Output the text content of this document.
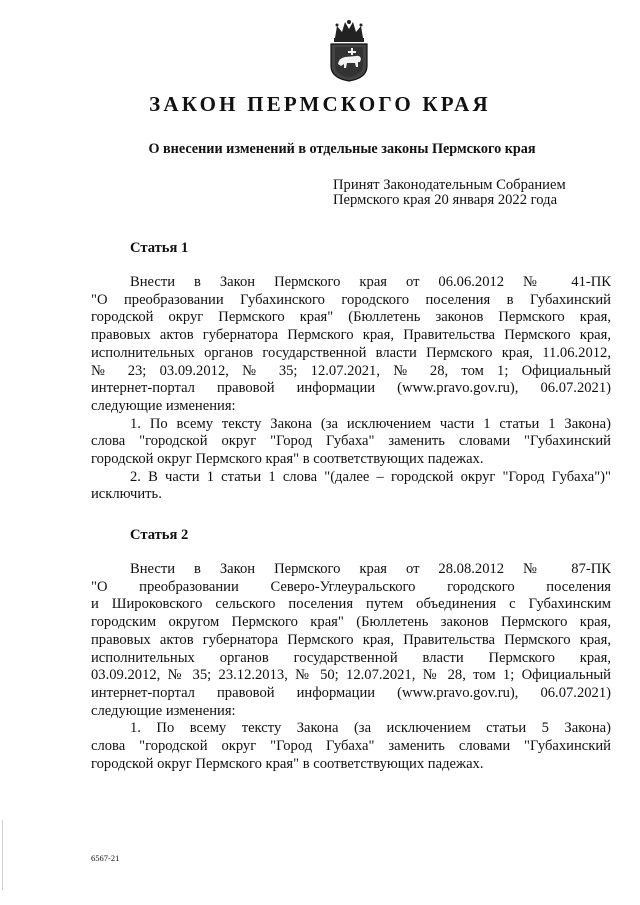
ЗАКОН ПЕРМСКОГО КРАЯ
О внесении изменений в отдельные законы Пермского края
Принят Законодательным Собранием
Пермского края 20 января 2022 года
Статья 1
Внести в Закон Пермского края от 06.06.2012 № 41-ПК
"О преобразовании Губахинского городского поселения в Губахинский
городской округ Пермского края" (Бюллетень законов Пермского края,
правовых актов губернатора Пермского края, Правительства Пермского края,
исполнительных органов государственной власти Пермского края, 11.06.2012,
№ 23; 03.09.2012, № 35; 12.07.2021, № 28, том 1; Официальный
интернет-портал правовой информации (www.pravo.gov.ru), 06.07.2021)
следующие изменения:
1. По всему тексту Закона (за исключением части 1 статьи 1 Закона)
слова "городской округ "Город Губаха" заменить словами "Губахинский
городской округ Пермского края" в соответствующих падежах.
2. В части 1 статьи 1 слова "(далее – городской округ "Город Губаха")"
исключить.
Статья 2
Внести в Закон Пермского края от 28.08.2012 № 87-ПК
"О преобразовании Северо-Углеуральского городского поселения
и Широковского сельского поселения путем объединения с Губахинским
городским округом Пермского края" (Бюллетень законов Пермского края,
правовых актов губернатора Пермского края, Правительства Пермского края,
исполнительных органов государственной власти Пермского края,
03.09.2012, № 35; 23.12.2013, № 50; 12.07.2021, № 28, том 1; Официальный
интернет-портал правовой информации (www.pravo.gov.ru), 06.07.2021)
следующие изменения:
1. По всему тексту Закона (за исключением статьи 5 Закона)
слова "городской округ "Город Губаха" заменить словами "Губахинский
городской округ Пермского края" в соответствующих падежах.
6567-21
